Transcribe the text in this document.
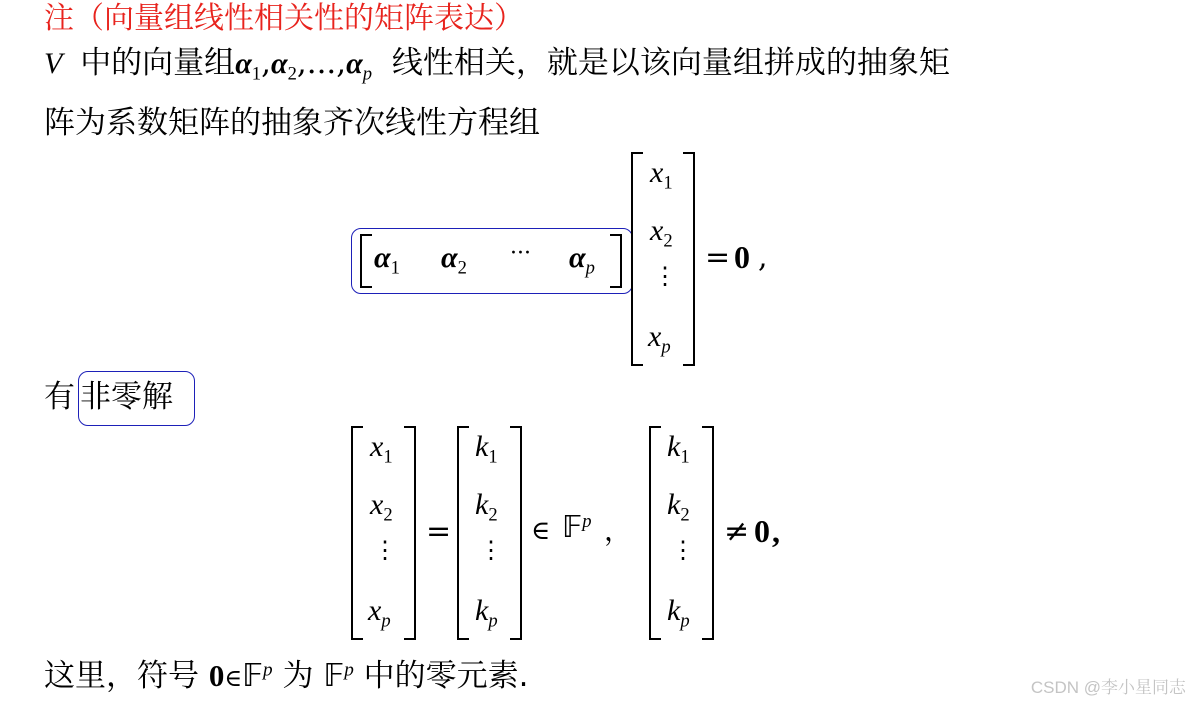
注（向量组线性相关性的矩阵表达）
V 中的向量组$\alpha_1,\alpha_2,...,\alpha_p$ 线性相关，就是以该向量组拼成的抽象矩
阵为系数矩阵的抽象齐次线性方程组
$\alpha_1$ $\alpha_2$
··· $\alpha_p$
$x_1$
$x_2$
⋮
$x_p$
= 0 ,
有 非零解
$x_1$
$x_2$
⋮
$x_p$
=
$k_1$
$k_2$
⋮
$k_p$
∈ 𝔽$^p$ ，
$k_1$
$k_2$
⋮
$k_p$
≠ 0 ,
这里，符号 0∈𝔽$^p$ 为 𝔽$^p$ 中的零元素.	CSDN @李小星同志
